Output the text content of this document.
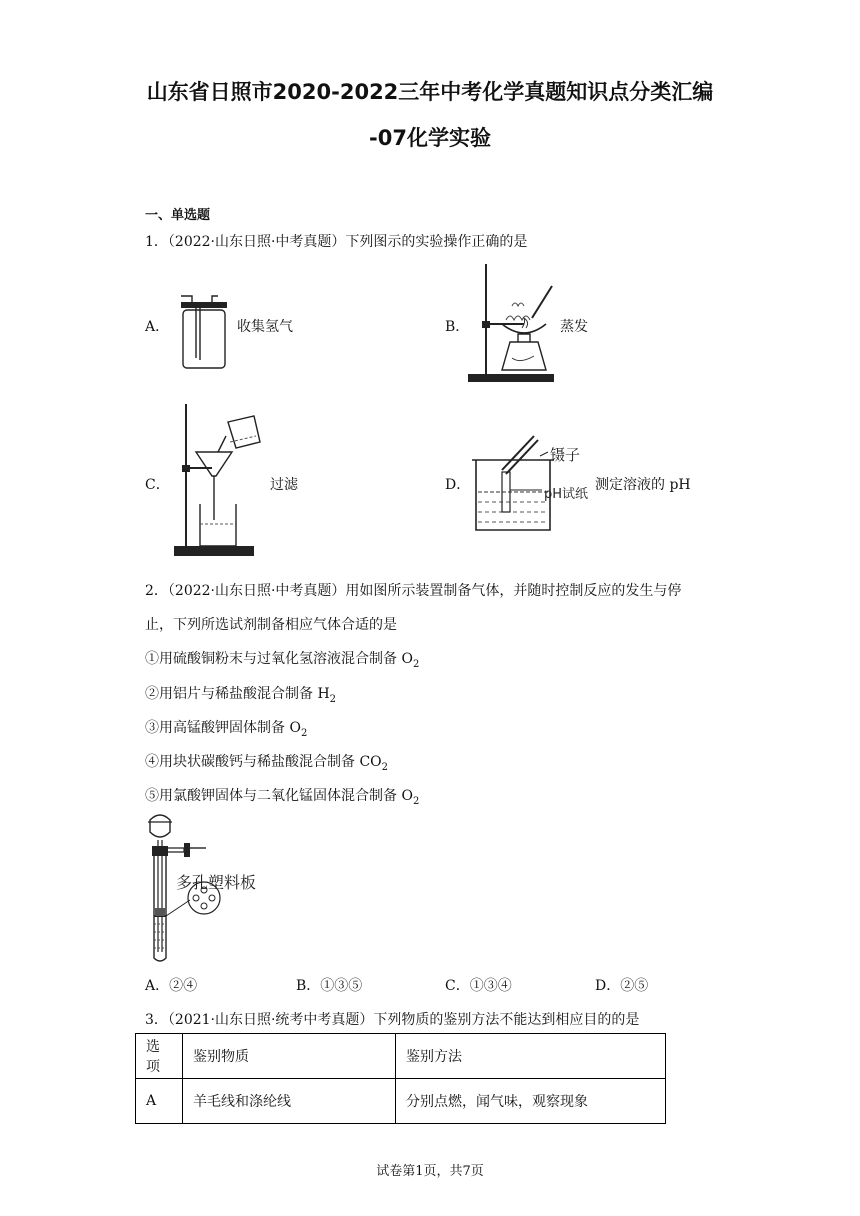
山东省日照市2020-2022三年中考化学真题知识点分类汇编
-07化学实验
一、单选题
1．（2022·山东日照·中考真题）下列图示的实验操作正确的是
A．	收集氢气	B．	蒸发
C．	过滤	D．
镊子
pH试纸
测定溶液的 pH
2．（2022·山东日照·中考真题）用如图所示装置制备气体，并随时控制反应的发生与停
止，下列所选试剂制备相应气体合适的是
①用硫酸铜粉末与过氧化氢溶液混合制备 $O_2$
②用铝片与稀盐酸混合制备 $H_2$
③用高锰酸钾固体制备 $O_2$
④用块状碳酸钙与稀盐酸混合制备 $CO_2$
⑤用氯酸钾固体与二氧化锰固体混合制备 $O_2$
多孔塑料板
A．②④	B．①③⑤	C．①③④	D．②⑤
3．（2021·山东日照·统考中考真题）下列物质的鉴别方法不能达到相应目的的是
选项	鉴别物质	鉴别方法
A	羊毛线和涤纶线	分别点燃，闻气味，观察现象
试卷第1页，共7页
